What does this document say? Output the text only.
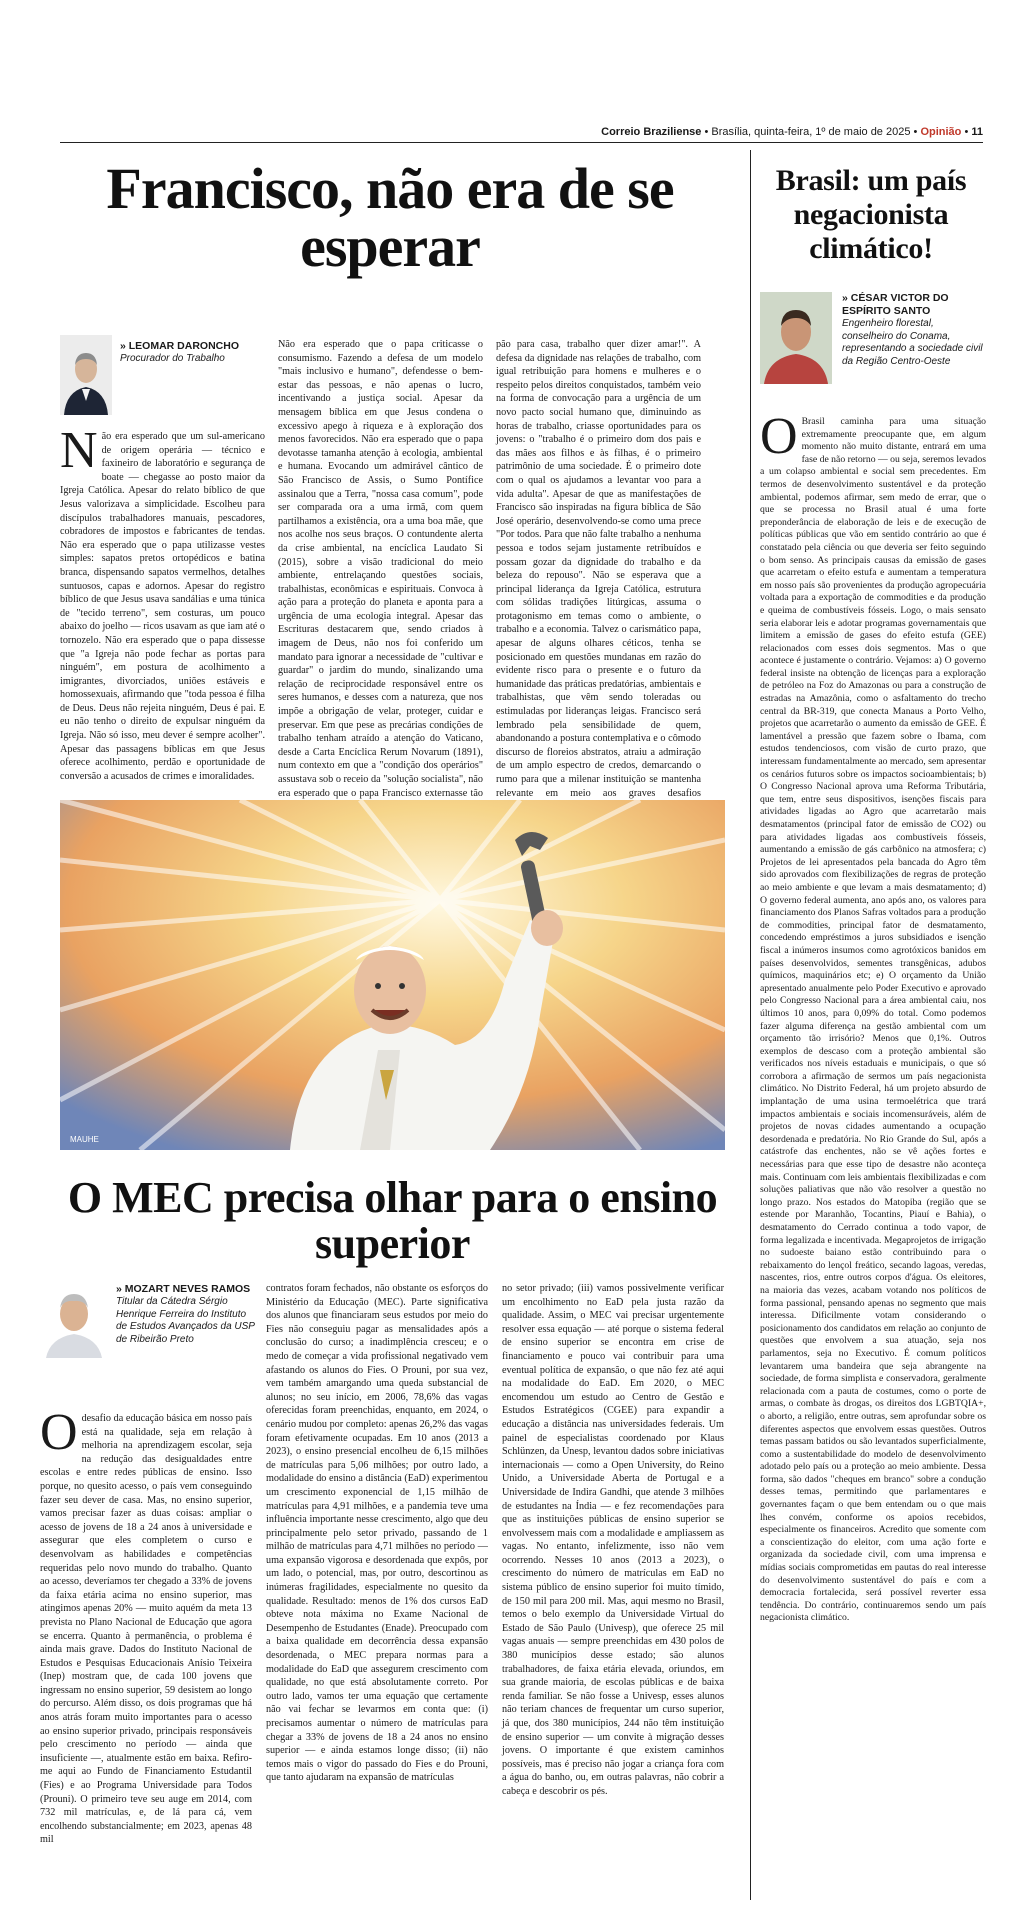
Correio Braziliense • Brasília, quinta-feira, 1º de maio de 2025 • Opinião • 11
Francisco, não era de se esperar
» LEOMAR DARONCHO
Procurador do Trabalho
Não era esperado que um sul-americano de origem operária — técnico e faxineiro de laboratório e segurança de boate — chegasse ao posto maior da Igreja Católica. Apesar do relato bíblico de que Jesus valorizava a simplicidade. Escolheu para discípulos trabalhadores manuais, pescadores, cobradores de impostos e fabricantes de tendas. Não era esperado que o papa utilizasse vestes simples: sapatos pretos ortopédicos e batina branca, dispensando sapatos vermelhos, detalhes suntuosos, capas e adornos. Apesar do registro bíblico de que Jesus usava sandálias e uma túnica de "tecido terreno", sem costuras, um pouco abaixo do joelho — ricos usavam as que iam até o tornozelo. Não era esperado que o papa dissesse que "a Igreja não pode fechar as portas para ninguém", em postura de acolhimento a imigrantes, divorciados, uniões estáveis e homossexuais, afirmando que "toda pessoa é filha de Deus. Deus não rejeita ninguém, Deus é pai. E eu não tenho o direito de expulsar ninguém da Igreja. Não só isso, meu dever é sempre acolher". Apesar das passagens bíblicas em que Jesus oferece acolhimento, perdão e oportunidade de conversão a acusados de crimes e imoralidades.
Não era esperado que o papa criticasse o consumismo. Fazendo a defesa de um modelo "mais inclusivo e humano", defendesse o bem-estar das pessoas, e não apenas o lucro, incentivando a justiça social. Apesar da mensagem bíblica em que Jesus condena o excessivo apego à riqueza e à exploração dos menos favorecidos. Não era esperado que o papa devotasse tamanha atenção à ecologia, ambiental e humana. Evocando um admirável cântico de São Francisco de Assis, o Sumo Pontífice assinalou que a Terra, "nossa casa comum", pode ser comparada ora a uma irmã, com quem partilhamos a existência, ora a uma boa mãe, que nos acolhe nos seus braços. O contundente alerta da crise ambiental, na encíclica Laudato Si (2015), sobre a visão tradicional do meio ambiente, entrelaçando questões sociais, trabalhistas, econômicas e espirituais. Convoca à ação para a proteção do planeta e aponta para a urgência de uma ecologia integral. Apesar das Escrituras destacarem que, sendo criados à imagem de Deus, não nos foi conferido um mandato para ignorar a necessidade de "cultivar e guardar" o jardim do mundo, sinalizando uma relação de reciprocidade responsável entre os seres humanos, e desses com a natureza, que nos impõe a obrigação de velar, proteger, cuidar e preservar. Em que pese as precárias condições de trabalho tenham atraído a atenção do Vaticano, desde a Carta Encíclica Rerum Novarum (1891), num contexto em que a "condição dos operários" assustava sob o receio da "solução socialista", não era esperado que o papa Francisco externasse tão
pão para casa, trabalho quer dizer amar!". A defesa da dignidade nas relações de trabalho, com igual retribuição para homens e mulheres e o respeito pelos direitos conquistados, também veio na forma de convocação para a urgência de um novo pacto social humano que, diminuindo as horas de trabalho, criasse oportunidades para os jovens: o "trabalho é o primeiro dom dos pais e das mães aos filhos e às filhas, é o primeiro patrimônio de uma sociedade. É o primeiro dote com o qual os ajudamos a levantar voo para a vida adulta". Apesar de que as manifestações de Francisco são inspiradas na figura bíblica de São José operário, desenvolvendo-se como uma prece "Por todos. Para que não falte trabalho a nenhuma pessoa e todos sejam justamente retribuídos e possam gozar da dignidade do trabalho e da beleza do repouso". Não se esperava que a principal liderança da Igreja Católica, estrutura com sólidas tradições litúrgicas, assuma o protagonismo em temas como o ambiente, o trabalho e a economia. Talvez o carismático papa, apesar de alguns olhares céticos, tenha se posicionado em questões mundanas em razão do evidente risco para o presente e o futuro da humanidade das práticas predatórias, ambientais e trabalhistas, que vêm sendo toleradas ou estimuladas por lideranças leigas. Francisco será lembrado pela sensibilidade de quem, abandonando a postura contemplativa e o cômodo discurso de floreios abstratos, atraiu a admiração de um amplo espectro de credos, demarcando o rumo para que a milenar instituição se mantenha relevante em meio aos graves desafios
MAUHE
O MEC precisa olhar para o ensino superior
» MOZART NEVES RAMOS
Titular da Cátedra Sérgio Henrique Ferreira do Instituto de Estudos Avançados da USP de Ribeirão Preto
Odesafio da educação básica em nosso país está na qualidade, seja em relação à melhoria na aprendizagem escolar, seja na redução das desigualdades entre escolas e entre redes públicas de ensino. Isso porque, no quesito acesso, o país vem conseguindo fazer seu dever de casa. Mas, no ensino superior, vamos precisar fazer as duas coisas: ampliar o acesso de jovens de 18 a 24 anos à universidade e assegurar que eles completem o curso e desenvolvam as habilidades e competências requeridas pelo novo mundo do trabalho. Quanto ao acesso, deveríamos ter chegado a 33% de jovens da faixa etária acima no ensino superior, mas atingimos apenas 20% — muito aquém da meta 13 prevista no Plano Nacional de Educação que agora se encerra. Quanto à permanência, o problema é ainda mais grave. Dados do Instituto Nacional de Estudos e Pesquisas Educacionais Anísio Teixeira (Inep) mostram que, de cada 100 jovens que ingressam no ensino superior, 59 desistem ao longo do percurso. Além disso, os dois programas que há anos atrás foram muito importantes para o acesso ao ensino superior privado, principais responsáveis pelo crescimento no período — ainda que insuficiente —, atualmente estão em baixa. Refiro-me aqui ao Fundo de Financiamento Estudantil (Fies) e ao Programa Universidade para Todos (Prouni). O primeiro teve seu auge em 2014, com 732 mil matrículas, e, de lá para cá, vem encolhendo substancialmente; em 2023, apenas 48 mil
contratos foram fechados, não obstante os esforços do Ministério da Educação (MEC). Parte significativa dos alunos que financiaram seus estudos por meio do Fies não conseguiu pagar as mensalidades após a conclusão do curso; a inadimplência cresceu; e o medo de começar a vida profissional negativado vem afastando os alunos do Fies. O Prouni, por sua vez, vem também amargando uma queda substancial de alunos; no seu início, em 2006, 78,6% das vagas oferecidas foram preenchidas, enquanto, em 2024, o cenário mudou por completo: apenas 26,2% das vagas foram efetivamente ocupadas. Em 10 anos (2013 a 2023), o ensino presencial encolheu de 6,15 milhões de matrículas para 5,06 milhões; por outro lado, a modalidade do ensino a distância (EaD) experimentou um crescimento exponencial de 1,15 milhão de matrículas para 4,91 milhões, e a pandemia teve uma influência importante nesse crescimento, algo que deu principalmente pelo setor privado, passando de 1 milhão de matrículas para 4,71 milhões no período — uma expansão vigorosa e desordenada que expôs, por um lado, o potencial, mas, por outro, descortinou as inúmeras fragilidades, especialmente no quesito da qualidade. Resultado: menos de 1% dos cursos EaD obteve nota máxima no Exame Nacional de Desempenho de Estudantes (Enade). Preocupado com a baixa qualidade em decorrência dessa expansão desordenada, o MEC prepara normas para a modalidade do EaD que assegurem crescimento com qualidade, no que está absolutamente correto. Por outro lado, vamos ter uma equação que certamente não vai fechar se levarmos em conta que: (i) precisamos aumentar o número de matrículas para chegar a 33% de jovens de 18 a 24 anos no ensino superior — e ainda estamos longe disso; (ii) não temos mais o vigor do passado do Fies e do Prouni, que tanto ajudaram na expansão de matrículas
no setor privado; (iii) vamos possivelmente verificar um encolhimento no EaD pela justa razão da qualidade. Assim, o MEC vai precisar urgentemente resolver essa equação — até porque o sistema federal de ensino superior se encontra em crise de financiamento e pouco vai contribuir para uma eventual política de expansão, o que não fez até aqui na modalidade do EaD. Em 2020, o MEC encomendou um estudo ao Centro de Gestão e Estudos Estratégicos (CGEE) para expandir a educação a distância nas universidades federais. Um painel de especialistas coordenado por Klaus Schlünzen, da Unesp, levantou dados sobre iniciativas internacionais — como a Open University, do Reino Unido, a Universidade Aberta de Portugal e a Universidade de Indira Gandhi, que atende 3 milhões de estudantes na Índia — e fez recomendações para que as instituições públicas de ensino superior se envolvessem mais com a modalidade e ampliassem as vagas. No entanto, infelizmente, isso não vem ocorrendo. Nesses 10 anos (2013 a 2023), o crescimento do número de matrículas em EaD no sistema público de ensino superior foi muito tímido, de 150 mil para 200 mil. Mas, aqui mesmo no Brasil, temos o belo exemplo da Universidade Virtual do Estado de São Paulo (Univesp), que oferece 25 mil vagas anuais — sempre preenchidas em 430 polos de 380 municípios desse estado; são alunos trabalhadores, de faixa etária elevada, oriundos, em sua grande maioria, de escolas públicas e de baixa renda familiar. Se não fosse a Univesp, esses alunos não teriam chances de frequentar um curso superior, já que, dos 380 municípios, 244 não têm instituição de ensino superior — um convite à migração desses jovens. O importante é que existem caminhos possíveis, mas é preciso não jogar a criança fora com a água do banho, ou, em outras palavras, não cobrir a cabeça e descobrir os pés.
Brasil: um país negacionista climático!
» CÉSAR VICTOR DO ESPÍRITO SANTO
Engenheiro florestal, conselheiro do Conama, representando a sociedade civil da Região Centro-Oeste
O Brasil caminha para uma situação extremamente preocupante que, em algum momento não muito distante, entrará em uma fase de não retorno — ou seja, seremos levados a um colapso ambiental e social sem precedentes. Em termos de desenvolvimento sustentável e da proteção ambiental, podemos afirmar, sem medo de errar, que o que se processa no Brasil atual é uma forte preponderância de elaboração de leis e de execução de políticas públicas que vão em sentido contrário ao que é constatado pela ciência ou que deveria ser feito seguindo o bom senso. As principais causas da emissão de gases que acarretam o efeito estufa e aumentam a temperatura em nosso país são provenientes da produção agropecuária voltada para a exportação de commodities e da produção e queima de combustíveis fósseis. Logo, o mais sensato seria elaborar leis e adotar programas governamentais que limitem a emissão de gases do efeito estufa (GEE) relacionados com esses dois segmentos. Mas o que acontece é justamente o contrário. Vejamos: a) O governo federal insiste na obtenção de licenças para a exploração de petróleo na Foz do Amazonas ou para a construção de estradas na Amazônia, como o asfaltamento do trecho central da BR-319, que conecta Manaus a Porto Velho, projetos que acarretarão o aumento da emissão de GEE. É lamentável a pressão que fazem sobre o Ibama, com estudos tendenciosos, com visão de curto prazo, que interessam fundamentalmente ao mercado, sem apresentar os cenários futuros sobre os impactos socioambientais; b) O Congresso Nacional aprova uma Reforma Tributária, que tem, entre seus dispositivos, isenções fiscais para atividades ligadas ao Agro que acarretarão mais desmatamentos (principal fator de emissão de CO2) ou para atividades ligadas aos combustíveis fósseis, aumentando a emissão de gás carbônico na atmosfera; c) Projetos de lei apresentados pela bancada do Agro têm sido aprovados com flexibilizações de regras de proteção ao meio ambiente e que levam a mais desmatamento; d) O governo federal aumenta, ano após ano, os valores para financiamento dos Planos Safras voltados para a produção de commodities, principal fator de desmatamento, concedendo empréstimos a juros subsidiados e isenção fiscal a inúmeros insumos como agrotóxicos banidos em países desenvolvidos, sementes transgênicas, adubos químicos, maquinários etc; e) O orçamento da União apresentado anualmente pelo Poder Executivo e aprovado pelo Congresso Nacional para a área ambiental caiu, nos últimos 10 anos, para 0,09% do total. Como podemos fazer alguma diferença na gestão ambiental com um orçamento tão irrisório? Menos que 0,1%. Outros exemplos de descaso com a proteção ambiental são verificados nos níveis estaduais e municipais, o que só corrobora a afirmação de sermos um país negacionista climático. No Distrito Federal, há um projeto absurdo de implantação de uma usina termoelétrica que trará impactos ambientais e sociais incomensuráveis, além de projetos de novas cidades aumentando a ocupação desordenada e predatória. No Rio Grande do Sul, após a catástrofe das enchentes, não se vê ações fortes e necessárias para que esse tipo de desastre não aconteça mais. Continuam com leis ambientais flexibilizadas e com soluções paliativas que não vão resolver a questão no longo prazo. Nos estados do Matopiba (região que se estende por Maranhão, Tocantins, Piauí e Bahia), o desmatamento do Cerrado continua a todo vapor, de forma legalizada e incentivada. Megaprojetos de irrigação no sudoeste baiano estão contribuindo para o rebaixamento do lençol freático, secando lagoas, veredas, nascentes, rios, entre outros corpos d'água. Os eleitores, na maioria das vezes, acabam votando nos políticos de forma passional, pensando apenas no segmento que mais interessa. Dificilmente votam considerando o posicionamento dos candidatos em relação ao conjunto de questões que envolvem a sua atuação, seja nos parlamentos, seja no Executivo. É comum políticos levantarem uma bandeira que seja abrangente na sociedade, de forma simplista e conservadora, geralmente relacionada com a pauta de costumes, como o porte de armas, o combate às drogas, os direitos dos LGBTQIA+, o aborto, a religião, entre outras, sem aprofundar sobre os diferentes aspectos que envolvem essas questões. Outros temas passam batidos ou são levantados superficialmente, como a sustentabilidade do modelo de desenvolvimento adotado pelo país ou a proteção ao meio ambiente. Dessa forma, são dados "cheques em branco" sobre a condução desses temas, permitindo que parlamentares e governantes façam o que bem entendam ou o que mais lhes convém, conforme os apoios recebidos, especialmente os financeiros. Acredito que somente com a conscientização do eleitor, com uma ação forte e organizada da sociedade civil, com uma imprensa e mídias sociais comprometidas em pautas do real interesse do desenvolvimento sustentável do país e com a democracia fortalecida, será possível reverter essa tendência. Do contrário, continuaremos sendo um país negacionista climático.
